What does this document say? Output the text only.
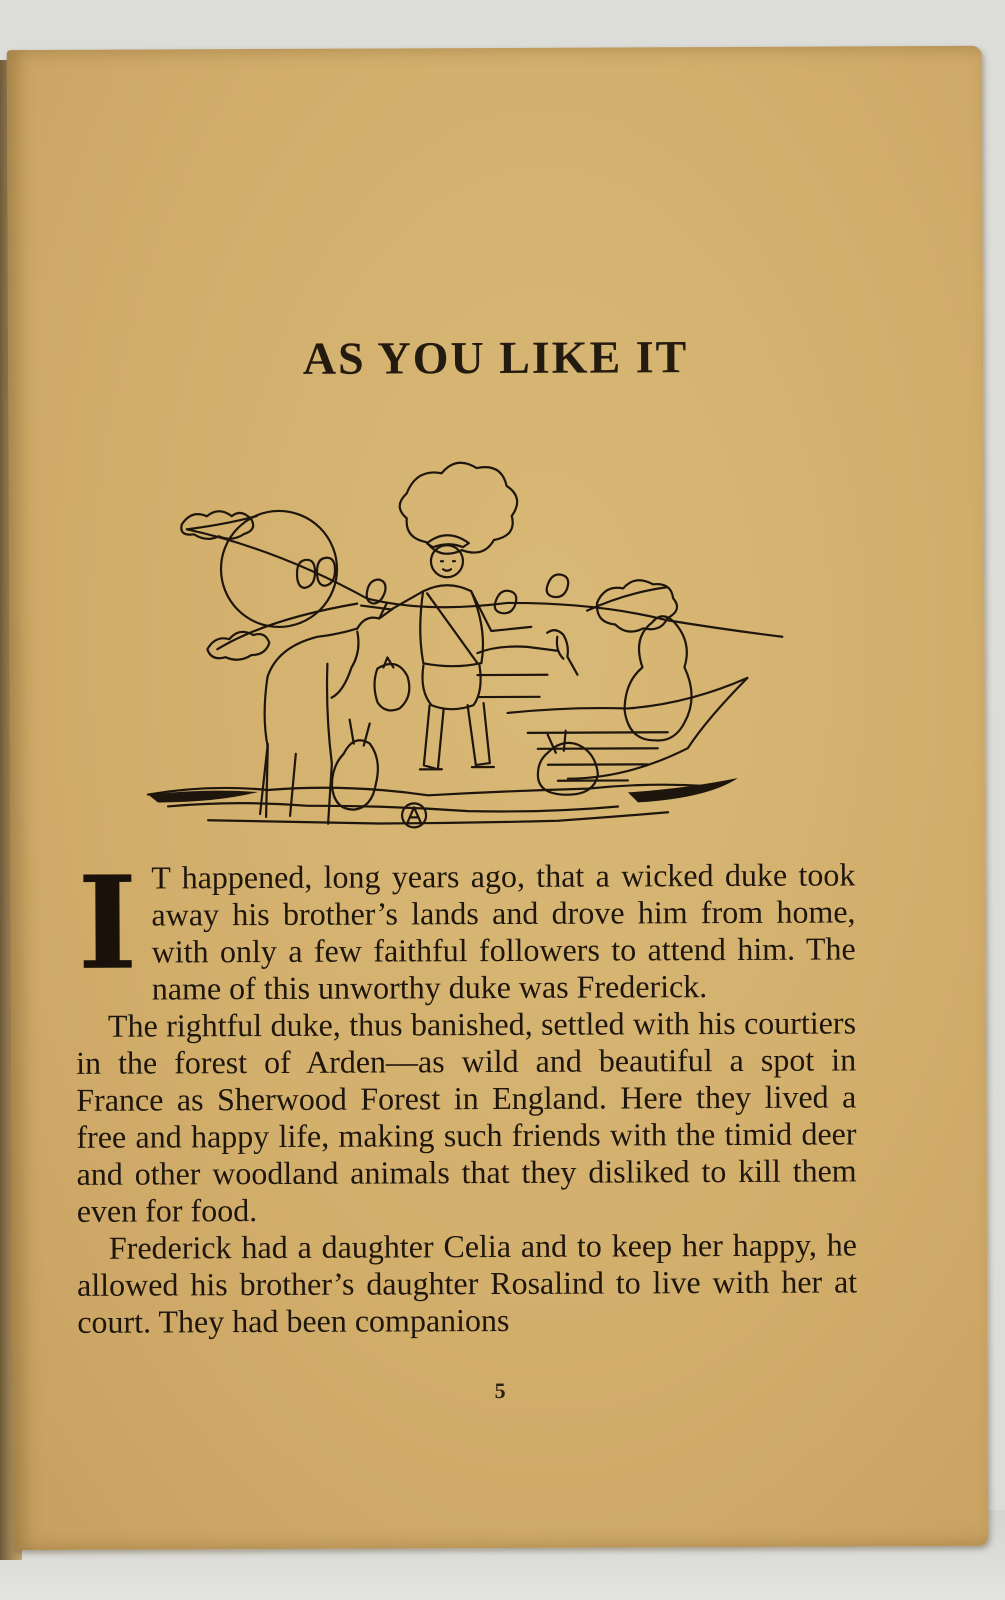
AS YOU LIKE IT

I T happened, long years ago, that a wicked duke took away his brother’s lands and drove him from home, with only a few faithful followers to attend him. The name of this unworthy duke was Frederick.

The rightful duke, thus banished, settled with his courtiers in the forest of Arden—as wild and beautiful a spot in France as Sherwood Forest in England. Here they lived a free and happy life, making such friends with the timid deer and other woodland animals that they disliked to kill them even for food.

Frederick had a daughter Celia and to keep her happy, he allowed his brother’s daughter Rosalind to live with her at court. They had been companions

5
